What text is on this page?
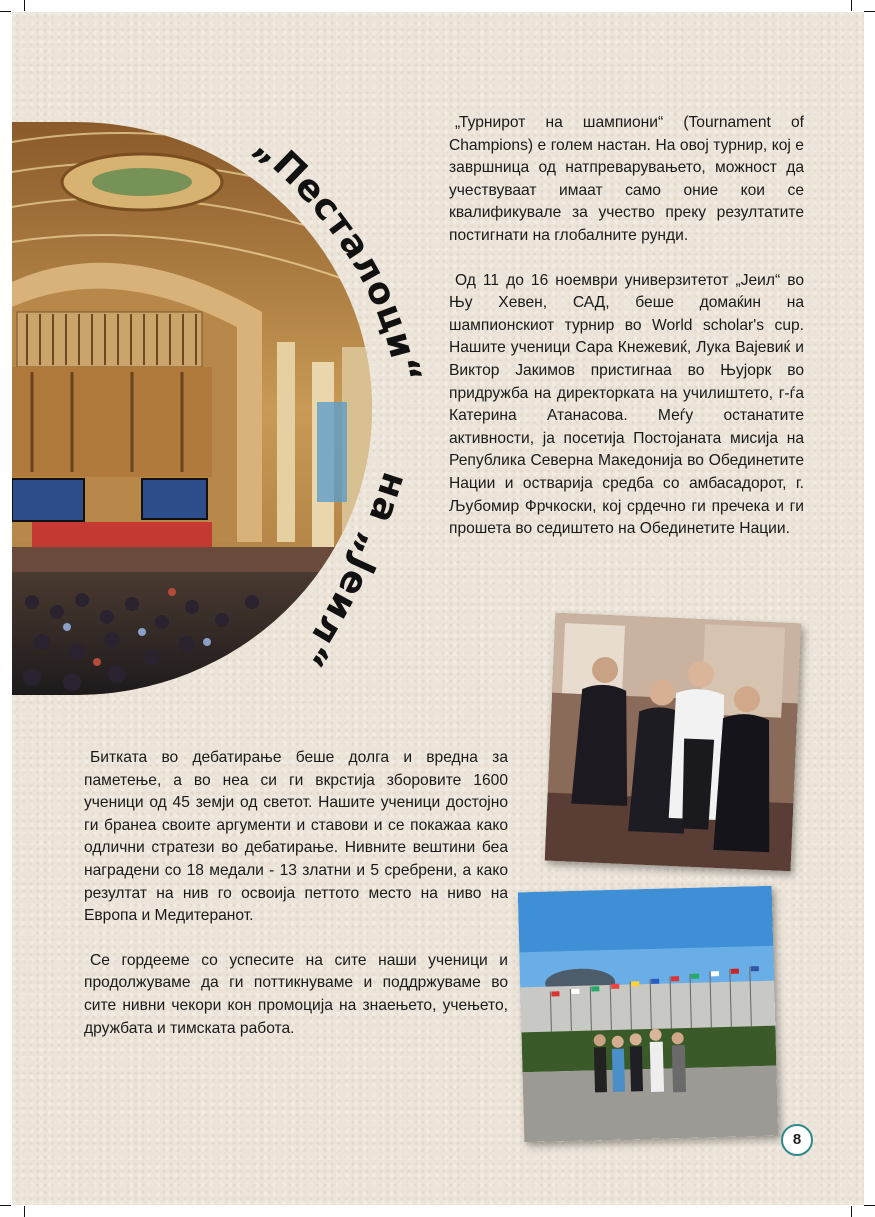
„Песталоци“
на „Јеил“

„Турнирот на шампиони“ (Tournament of Champions) е голем настан. На овој турнир, кој е завршница од натпреварувањето, можност да учествуваат имаат само оние кои се квалификувале за учество преку резултатите постигнати на глобалните рунди.

Од 11 до 16 ноември универзитетот „Јеил“ во Њу Хевен, САД, беше домаќин на шампионскиот турнир во World scholar's cup. Нашите ученици Сара Кнежевиќ, Лука Вајевиќ и Виктор Јакимов пристигнаа во Њујорк во придружба на директорката на училиштето, г-ѓа Катерина Атанасова. Меѓу останатите активности, ја посетија Постојаната мисија на Република Северна Македонија во Обединетите Нации и оствариjа средба со амбасадорот, г. Љубомир Фрчкоски, кој срдечно ги пречека и ги прошета во седиштето на Обединетите Нации.

Битката во дебатирање беше долга и вредна за паметење, а во неа си ги вкрстија зборовите 1600 ученици од 45 земји од светот. Нашите ученици достојно ги бранеа своите аргументи и ставови и се покажаа како одлични стратези во дебатирање. Нивните вештини беа наградени со 18 медали - 13 златни и 5 сребрени, а како резултат на нив го освоија петтото место на ниво на Европа и Медитеранот.

Се гордееме со успесите на сите наши ученици и продолжуваме да ги поттикнуваме и поддржуваме во сите нивни чекори кон промоција на знаењето, учењето, дружбата и тимската работа.

8
